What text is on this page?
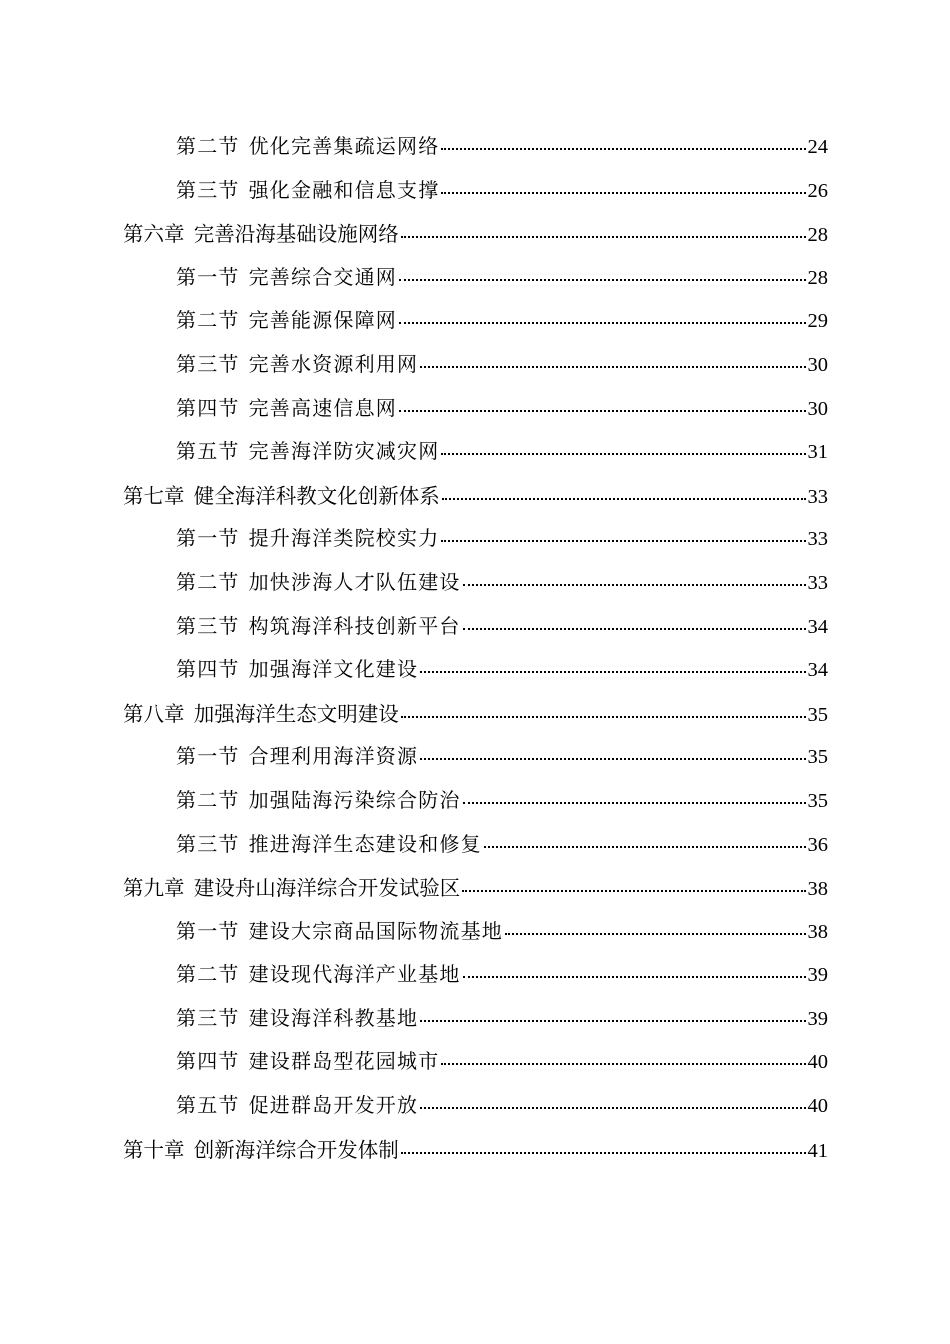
第二节 优化完善集疏运网络	24
第三节 强化金融和信息支撑	26
第六章 完善沿海基础设施网络	28
第一节 完善综合交通网	28
第二节 完善能源保障网	29
第三节 完善水资源利用网	30
第四节 完善高速信息网	30
第五节 完善海洋防灾减灾网	31
第七章 健全海洋科教文化创新体系	33
第一节 提升海洋类院校实力	33
第二节 加快涉海人才队伍建设	33
第三节 构筑海洋科技创新平台	34
第四节 加强海洋文化建设	34
第八章 加强海洋生态文明建设	35
第一节 合理利用海洋资源	35
第二节 加强陆海污染综合防治	35
第三节 推进海洋生态建设和修复	36
第九章 建设舟山海洋综合开发试验区	38
第一节 建设大宗商品国际物流基地	38
第二节 建设现代海洋产业基地	39
第三节 建设海洋科教基地	39
第四节 建设群岛型花园城市	40
第五节 促进群岛开发开放	40
第十章 创新海洋综合开发体制	41
